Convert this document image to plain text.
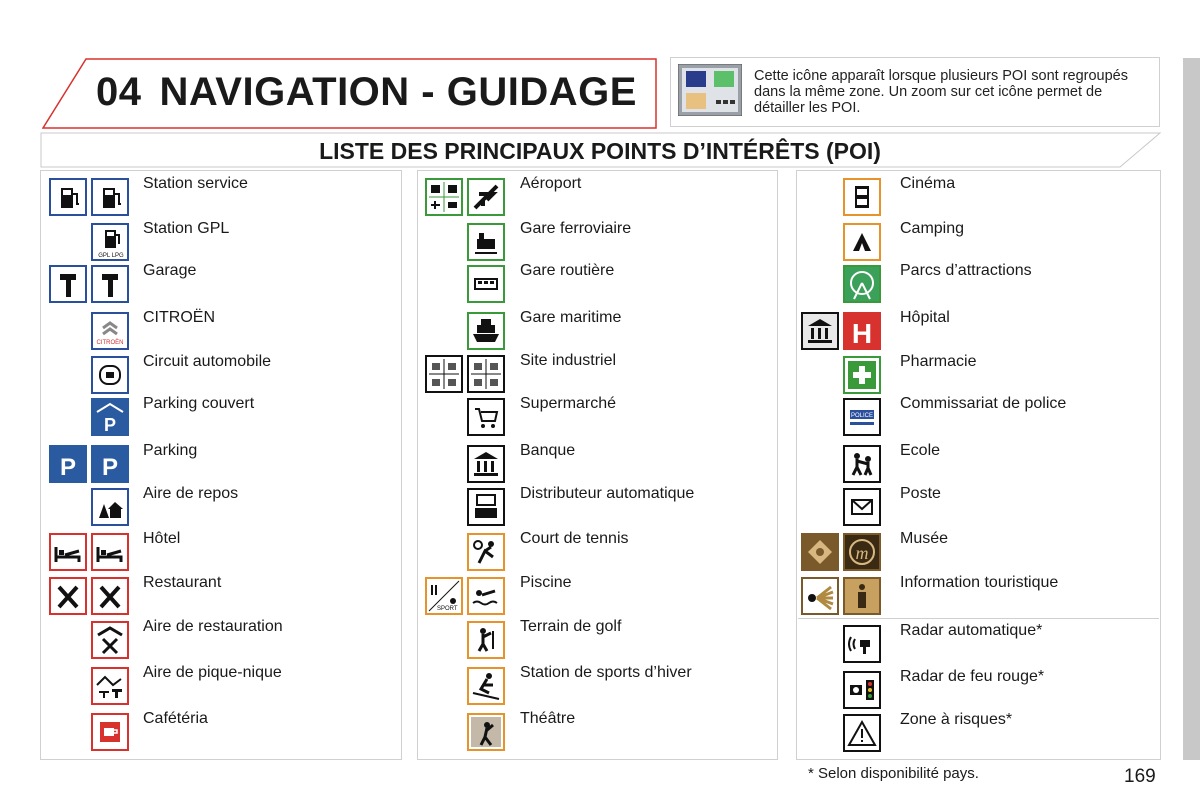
04 NAVIGATION - GUIDAGE	Cette icône apparaît lorsque plusieurs POI sont regroupés dans la même zone. Un zoom sur cet icône permet de détailler les POI.
LISTE DES PRINCIPAUX POINTS D’INTÉRÊTS (POI)
Station service
Station GPL
GPL LPG
Garage
CITROËN
CITROËN
Circuit automobile
Parking couvert
P
Parking
P P
Aire de repos
Hôtel
Restaurant
Aire de restauration
Aire de pique-nique
Cafétéria
Aéroport
Gare ferroviaire
Gare routière
Gare maritime
Site industriel
Supermarché
Banque
Distributeur automatique
Court de tennis
Piscine
SPORT
Terrain de golf
Station de sports d’hiver
Théâtre
Cinéma
Camping
Parcs d’attractions
Hôpital
H
Pharmacie
Commissariat de police
POLICE
Ecole
Poste
Musée
m
Information touristique
Radar automatique*
Radar de feu rouge*
Zone à risques*
* Selon disponibilité pays.	169
